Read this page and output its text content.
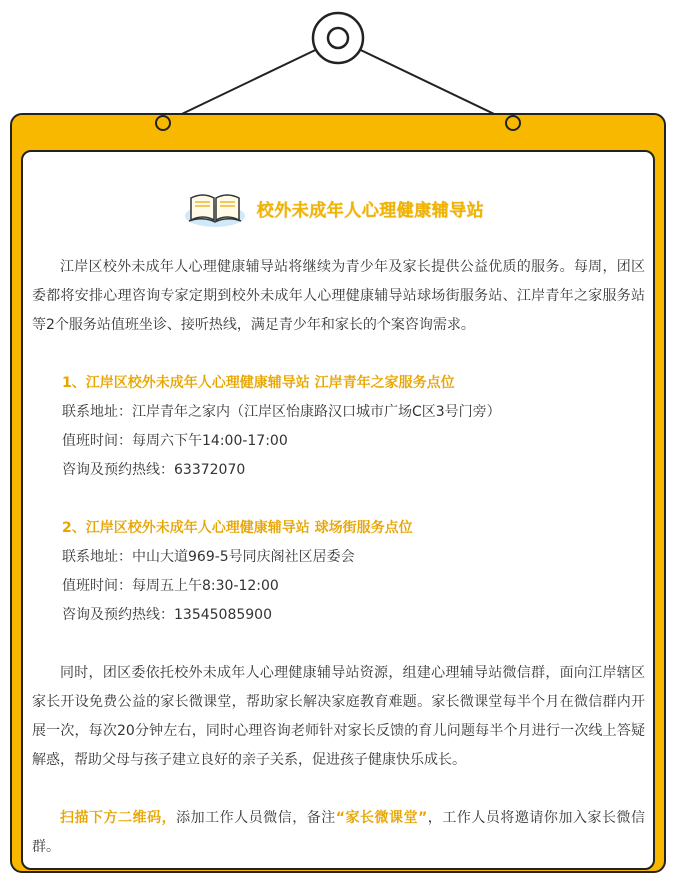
校外未成年人心理健康辅导站

江岸区校外未成年人心理健康辅导站将继续为青少年及家长提供公益优质的服务。每周，团区委都将安排心理咨询专家定期到校外未成年人心理健康辅导站球场街服务站、江岸青年之家服务站等2个服务站值班坐诊、接听热线，满足青少年和家长的个案咨询需求。

1、江岸区校外未成年人心理健康辅导站 江岸青年之家服务点位

联系地址：江岸青年之家内（江岸区怡康路汉口城市广场C区3号门旁）

值班时间：每周六下午14:00-17:00

咨询及预约热线：63372070

2、江岸区校外未成年人心理健康辅导站 球场街服务点位

联系地址：中山大道969-5号同庆阁社区居委会

值班时间：每周五上午8:30-12:00

咨询及预约热线：13545085900

同时，团区委依托校外未成年人心理健康辅导站资源，组建心理辅导站微信群，面向江岸辖区家长开设免费公益的家长微课堂，帮助家长解决家庭教育难题。家长微课堂每半个月在微信群内开展一次，每次20分钟左右，同时心理咨询老师针对家长反馈的育儿问题每半个月进行一次线上答疑解惑，帮助父母与孩子建立良好的亲子关系，促进孩子健康快乐成长。

扫描下方二维码，添加工作人员微信，备注“家长微课堂”，工作人员将邀请你加入家长微信群。
